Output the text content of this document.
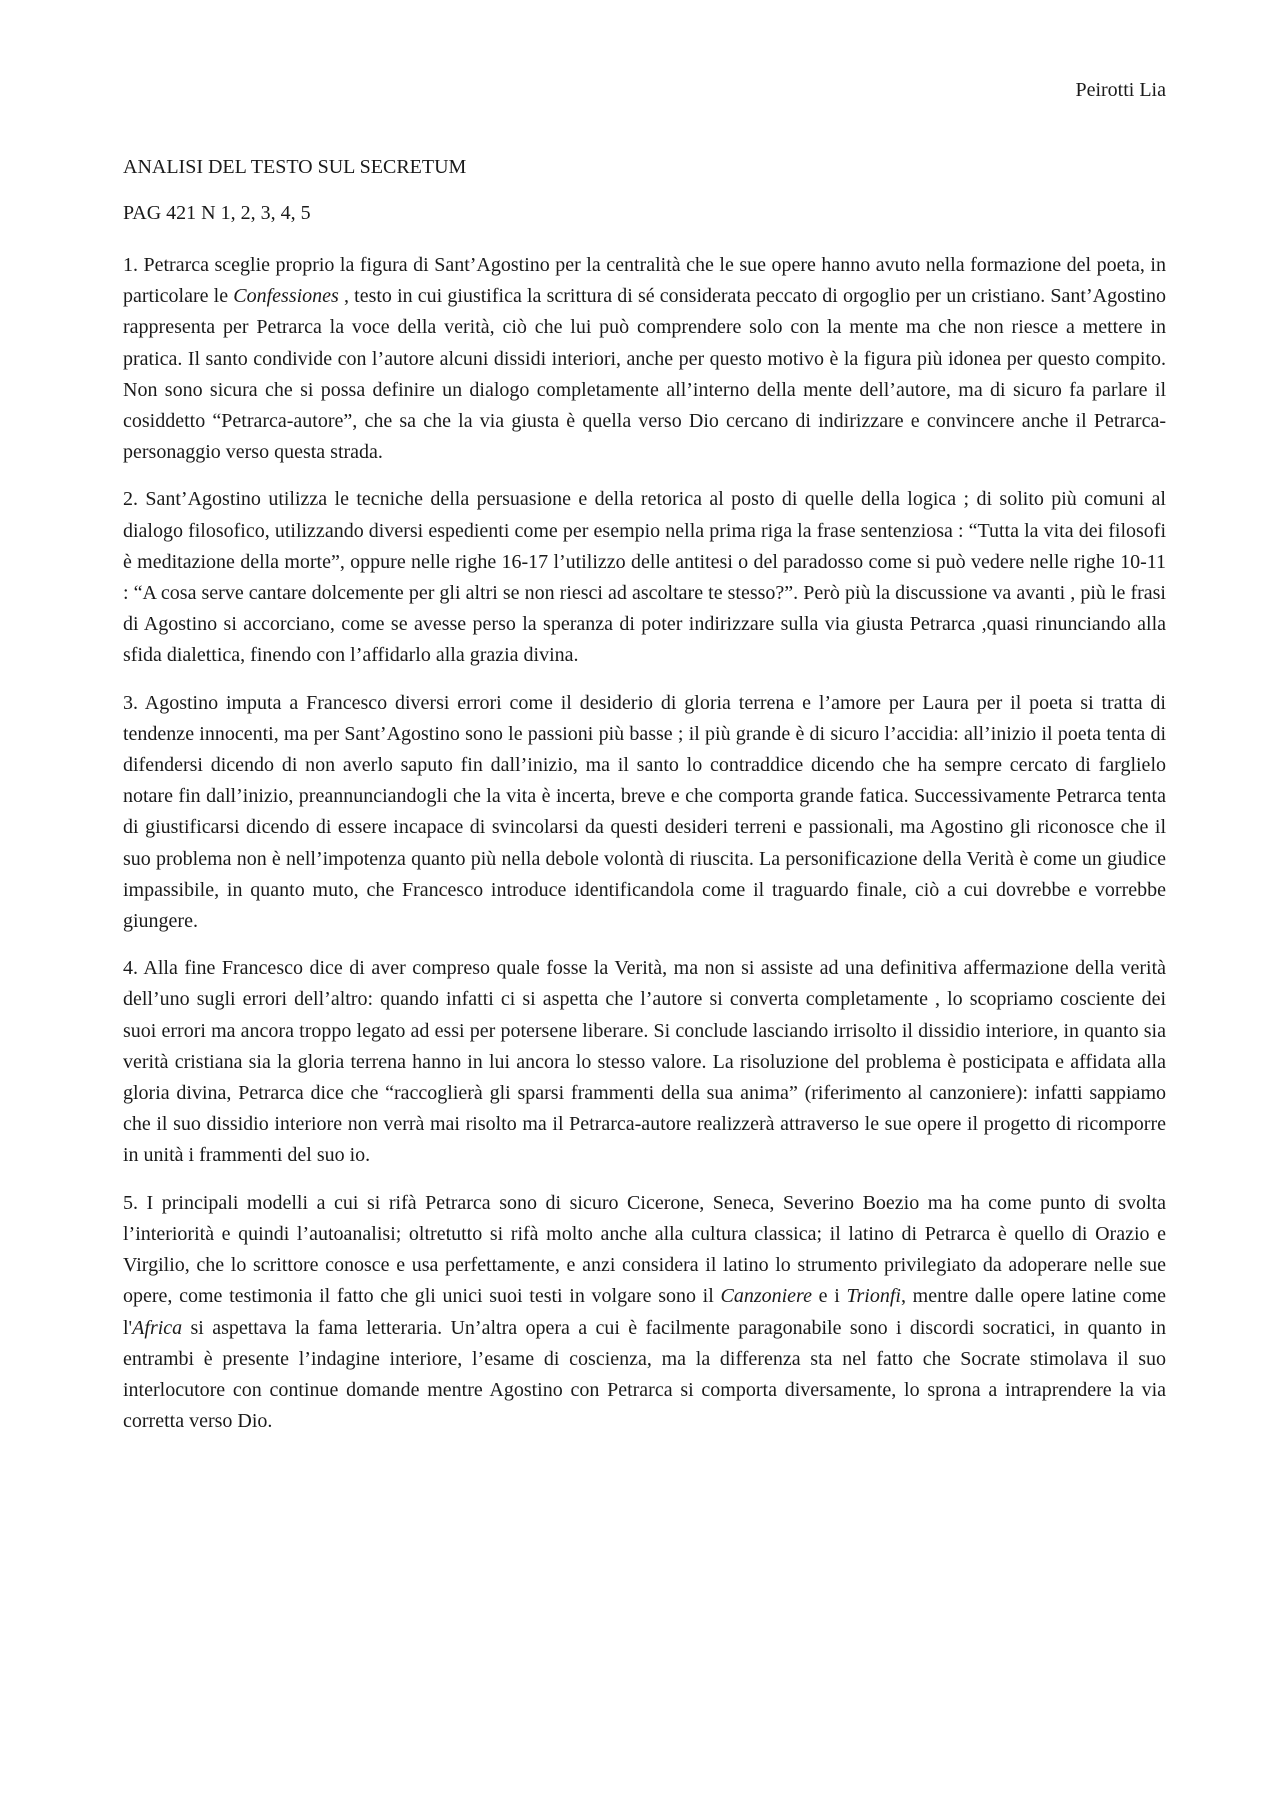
Peirotti Lia
ANALISI DEL TESTO SUL SECRETUM
PAG 421 N 1, 2, 3, 4, 5

1. Petrarca sceglie proprio la figura di Sant’Agostino per la centralità che le sue opere hanno avuto nella formazione del poeta, in particolare le Confessiones , testo in cui giustifica la scrittura di sé considerata peccato di orgoglio per un cristiano. Sant’Agostino rappresenta per Petrarca la voce della verità, ciò che lui può comprendere solo con la mente ma che non riesce a mettere in pratica. Il santo condivide con l’autore alcuni dissidi interiori, anche per questo motivo è la figura più idonea per questo compito. Non sono sicura che si possa definire un dialogo completamente all’interno della mente dell’autore, ma di sicuro fa parlare il cosiddetto “Petrarca-autore”, che sa che la via giusta è quella verso Dio cercano di indirizzare e convincere anche il Petrarca-personaggio verso questa strada.

2. Sant’Agostino utilizza le tecniche della persuasione e della retorica al posto di quelle della logica ; di solito più comuni al dialogo filosofico, utilizzando diversi espedienti come per esempio nella prima riga la frase sentenziosa : “Tutta la vita dei filosofi è meditazione della morte”, oppure nelle righe 16-17 l’utilizzo delle antitesi o del paradosso come si può vedere nelle righe 10-11 : “A cosa serve cantare dolcemente per gli altri se non riesci ad ascoltare te stesso?”. Però più la discussione va avanti , più le frasi di Agostino si accorciano, come se avesse perso la speranza di poter indirizzare sulla via giusta Petrarca ,quasi rinunciando alla sfida dialettica, finendo con l’affidarlo alla grazia divina.

3. Agostino imputa a Francesco diversi errori come il desiderio di gloria terrena e l’amore per Laura per il poeta si tratta di tendenze innocenti, ma per Sant’Agostino sono le passioni più basse ; il più grande è di sicuro l’accidia: all’inizio il poeta tenta di difendersi dicendo di non averlo saputo fin dall’inizio, ma il santo lo contraddice dicendo che ha sempre cercato di farglielo notare fin dall’inizio, preannunciandogli che la vita è incerta, breve e che comporta grande fatica. Successivamente Petrarca tenta di giustificarsi dicendo di essere incapace di svincolarsi da questi desideri terreni e passionali, ma Agostino gli riconosce che il suo problema non è nell’impotenza quanto più nella debole volontà di riuscita. La personificazione della Verità è come un giudice impassibile, in quanto muto, che Francesco introduce identificandola come il traguardo finale, ciò a cui dovrebbe e vorrebbe giungere.

4. Alla fine Francesco dice di aver compreso quale fosse la Verità, ma non si assiste ad una definitiva affermazione della verità dell’uno sugli errori dell’altro: quando infatti ci si aspetta che l’autore si converta completamente , lo scopriamo cosciente dei suoi errori ma ancora troppo legato ad essi per potersene liberare. Si conclude lasciando irrisolto il dissidio interiore, in quanto sia verità cristiana sia la gloria terrena hanno in lui ancora lo stesso valore. La risoluzione del problema è posticipata e affidata alla gloria divina, Petrarca dice che “raccoglierà gli sparsi frammenti della sua anima” (riferimento al canzoniere): infatti sappiamo che il suo dissidio interiore non verrà mai risolto ma il Petrarca-autore realizzerà attraverso le sue opere il progetto di ricomporre in unità i frammenti del suo io.

5. I principali modelli a cui si rifà Petrarca sono di sicuro Cicerone, Seneca, Severino Boezio ma ha come punto di svolta l’interiorità e quindi l’autoanalisi; oltretutto si rifà molto anche alla cultura classica; il latino di Petrarca è quello di Orazio e Virgilio, che lo scrittore conosce e usa perfettamente, e anzi considera il latino lo strumento privilegiato da adoperare nelle sue opere, come testimonia il fatto che gli unici suoi testi in volgare sono il Canzoniere e i Trionfi, mentre dalle opere latine come l'Africa si aspettava la fama letteraria. Un’altra opera a cui è facilmente paragonabile sono i discordi socratici, in quanto in entrambi è presente l’indagine interiore, l’esame di coscienza, ma la differenza sta nel fatto che Socrate stimolava il suo interlocutore con continue domande mentre Agostino con Petrarca si comporta diversamente, lo sprona a intraprendere la via corretta verso Dio.
